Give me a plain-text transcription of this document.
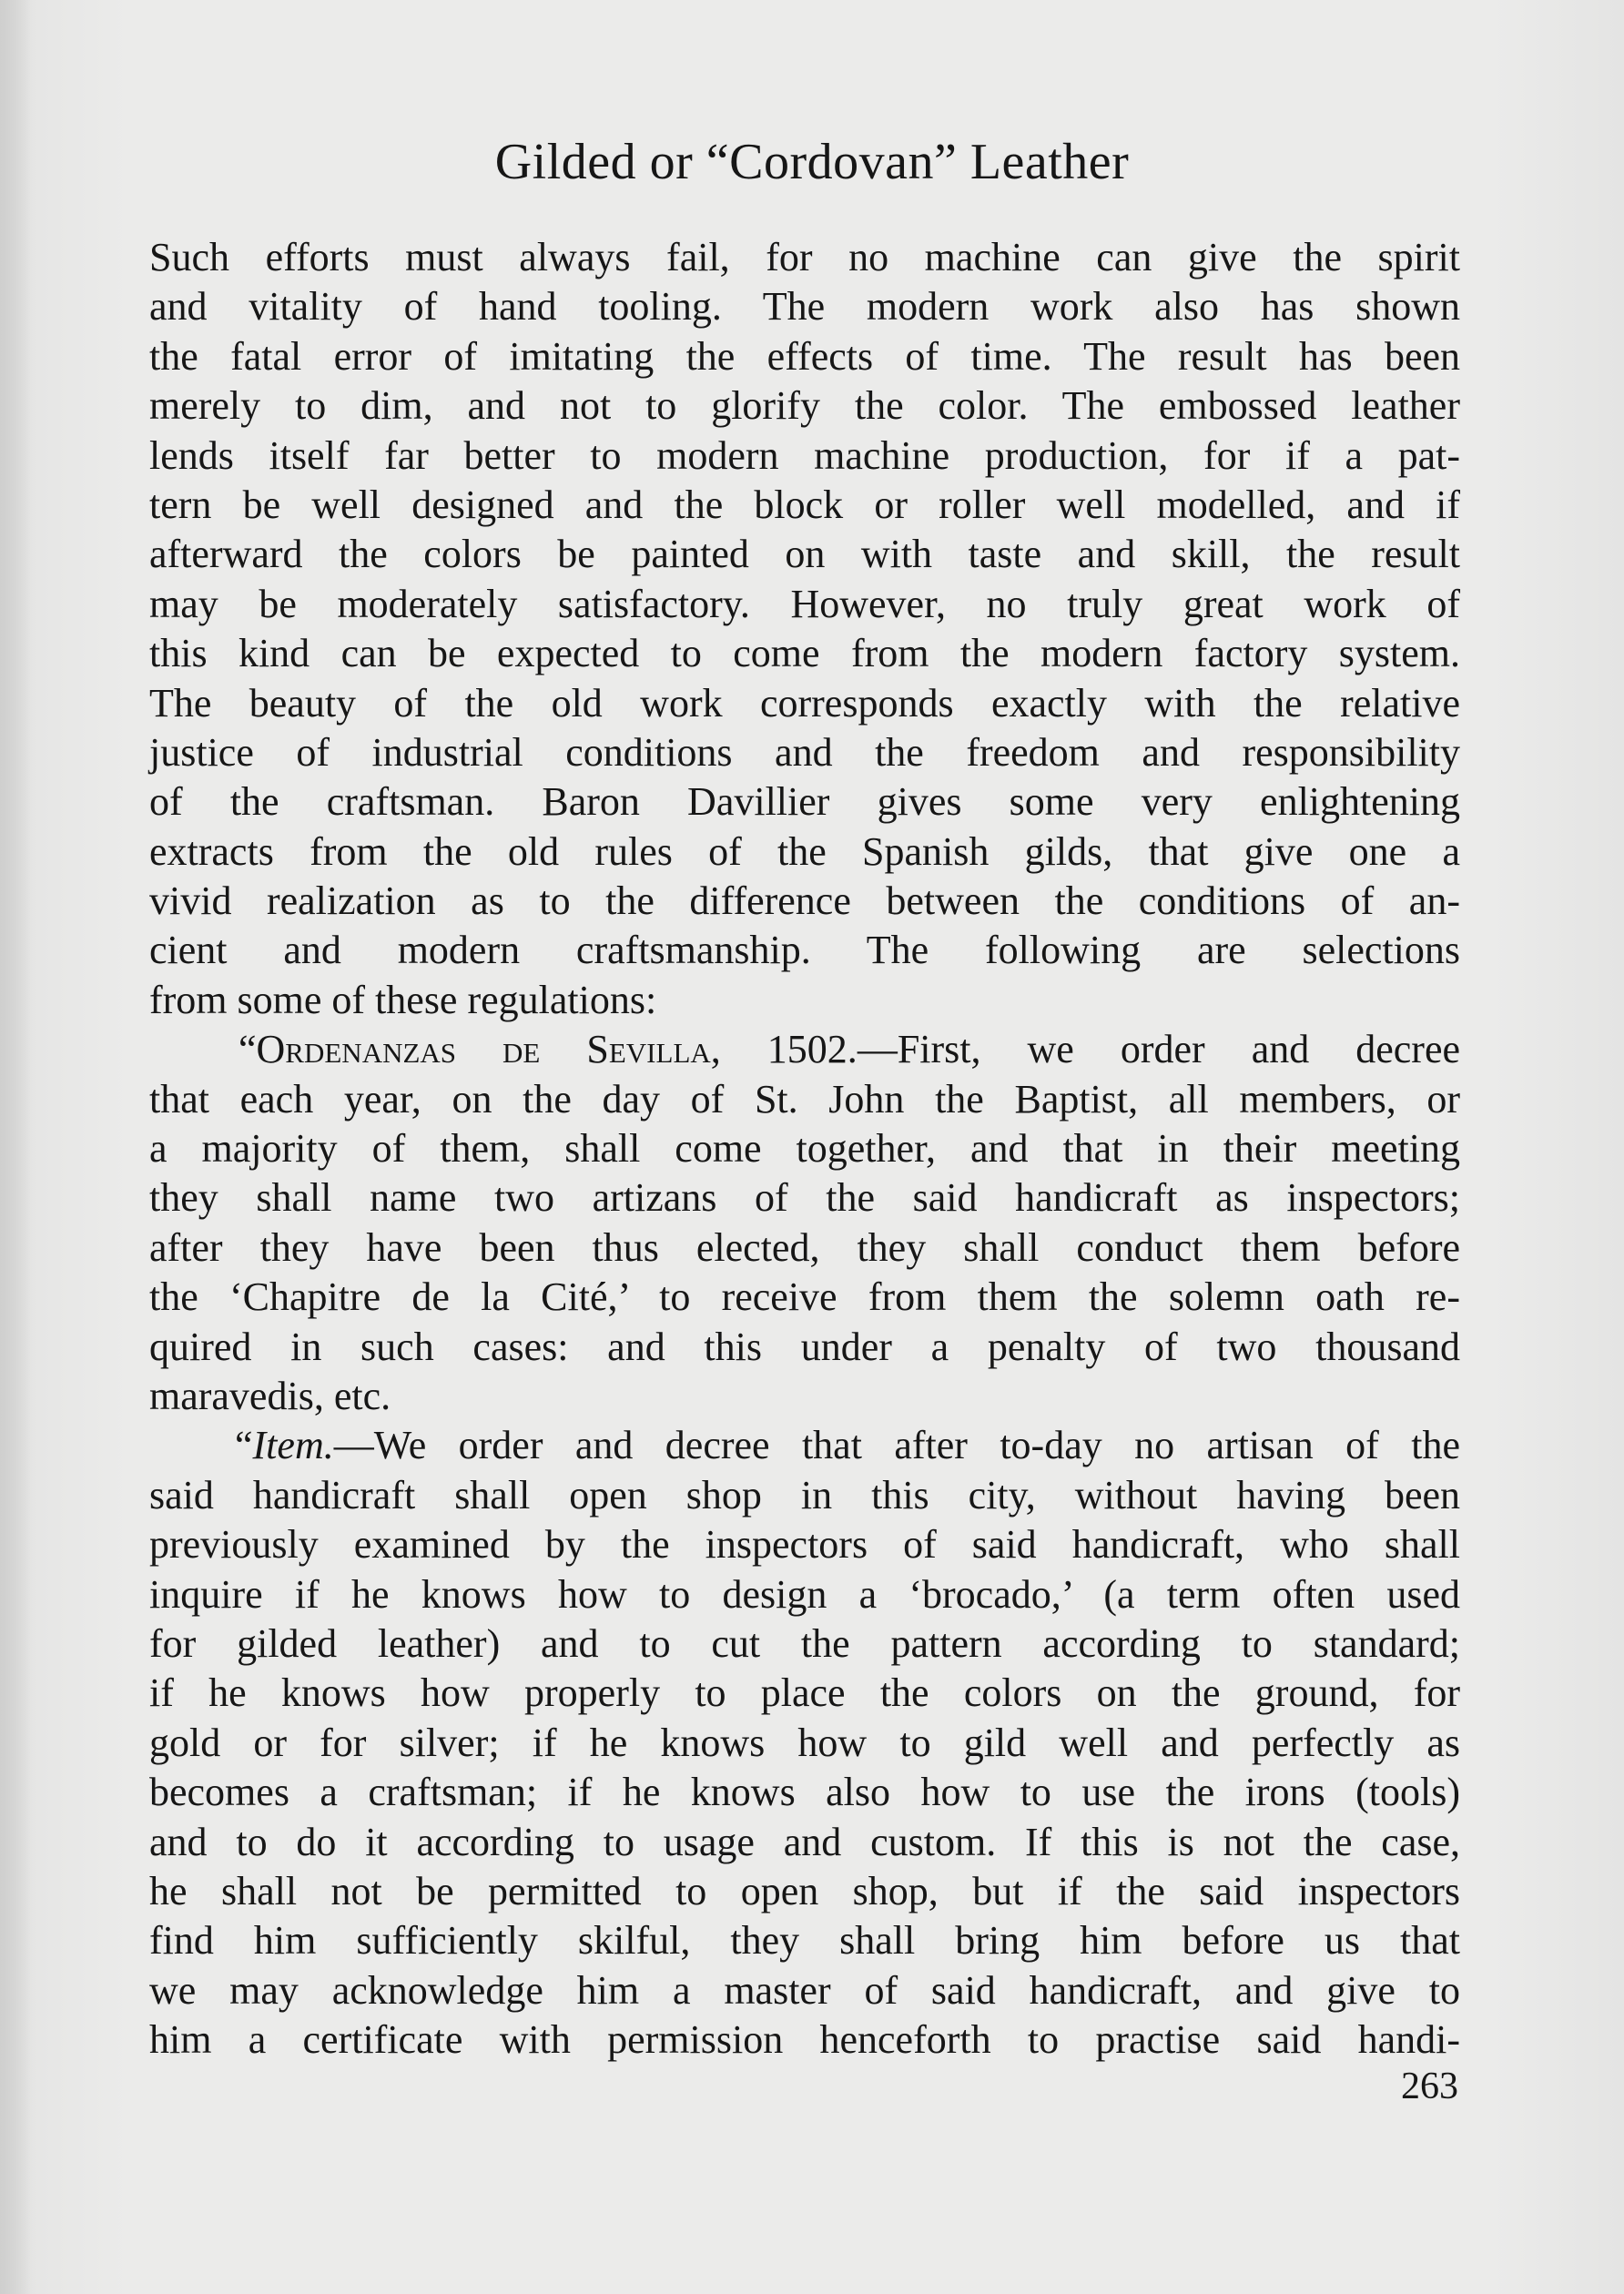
Gilded or “Cordovan” Leather
Such efforts must always fail, for no machine can give the spirit
and vitality of hand tooling. The modern work also has shown
the fatal error of imitating the effects of time. The result has been
merely to dim, and not to glorify the color. The embossed leather
lends itself far better to modern machine production, for if a pat-
tern be well designed and the block or roller well modelled, and if
afterward the colors be painted on with taste and skill, the result
may be moderately satisfactory. However, no truly great work of
this kind can be expected to come from the modern factory system.
The beauty of the old work corresponds exactly with the relative
justice of industrial conditions and the freedom and responsibility
of the craftsman. Baron Davillier gives some very enlightening
extracts from the old rules of the Spanish gilds, that give one a
vivid realization as to the difference between the conditions of an-
cient and modern craftsmanship. The following are selections
from some of these regulations:
“Ordenanzas de Sevilla, 1502.—First, we order and decree
that each year, on the day of St. John the Baptist, all members, or
a majority of them, shall come together, and that in their meeting
they shall name two artizans of the said handicraft as inspectors;
after they have been thus elected, they shall conduct them before
the ‘Chapitre de la Cité,’ to receive from them the solemn oath re-
quired in such cases: and this under a penalty of two thousand
maravedis, etc.
“Item.—We order and decree that after to-day no artisan of the
said handicraft shall open shop in this city, without having been
previously examined by the inspectors of said handicraft, who shall
inquire if he knows how to design a ‘brocado,’ (a term often used
for gilded leather) and to cut the pattern according to standard;
if he knows how properly to place the colors on the ground, for
gold or for silver; if he knows how to gild well and perfectly as
becomes a craftsman; if he knows also how to use the irons (tools)
and to do it according to usage and custom. If this is not the case,
he shall not be permitted to open shop, but if the said inspectors
find him sufficiently skilful, they shall bring him before us that
we may acknowledge him a master of said handicraft, and give to
him a certificate with permission henceforth to practise said handi-
263
